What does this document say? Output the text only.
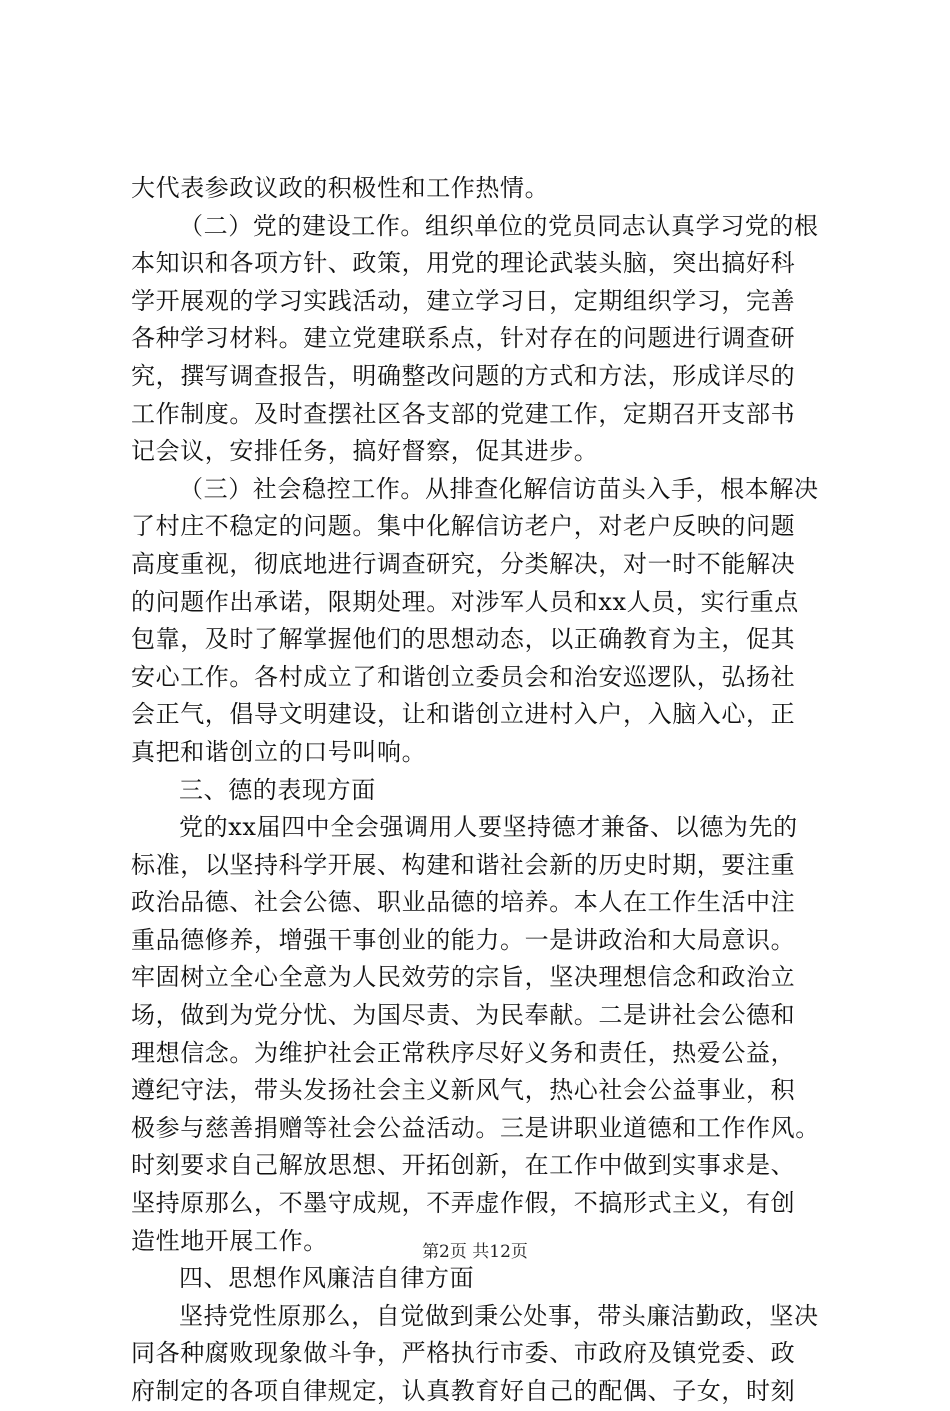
大代表参政议政的积极性和工作热情。
（二）党的建设工作。组织单位的党员同志认真学习党的根
本知识和各项方针、政策，用党的理论武装头脑，突出搞好科
学开展观的学习实践活动，建立学习日，定期组织学习，完善
各种学习材料。建立党建联系点，针对存在的问题进行调查研
究，撰写调查报告，明确整改问题的方式和方法，形成详尽的
工作制度。及时查摆社区各支部的党建工作，定期召开支部书
记会议，安排任务，搞好督察，促其进步。
（三）社会稳控工作。从排查化解信访苗头入手，根本解决
了村庄不稳定的问题。集中化解信访老户，对老户反映的问题
高度重视，彻底地进行调查研究，分类解决，对一时不能解决
的问题作出承诺，限期处理。对涉军人员和xx人员，实行重点
包靠，及时了解掌握他们的思想动态，以正确教育为主，促其
安心工作。各村成立了和谐创立委员会和治安巡逻队，弘扬社
会正气，倡导文明建设，让和谐创立进村入户，入脑入心，正
真把和谐创立的口号叫响。
三、德的表现方面
党的xx届四中全会强调用人要坚持德才兼备、以德为先的
标准，以坚持科学开展、构建和谐社会新的历史时期，要注重
政治品德、社会公德、职业品德的培养。本人在工作生活中注
重品德修养，增强干事创业的能力。一是讲政治和大局意识。
牢固树立全心全意为人民效劳的宗旨，坚决理想信念和政治立
场，做到为党分忧、为国尽责、为民奉献。二是讲社会公德和
理想信念。为维护社会正常秩序尽好义务和责任，热爱公益，
遵纪守法，带头发扬社会主义新风气，热心社会公益事业，积
极参与慈善捐赠等社会公益活动。三是讲职业道德和工作作风。
时刻要求自己解放思想、开拓创新，在工作中做到实事求是、
坚持原那么，不墨守成规，不弄虚作假，不搞形式主义，有创
造性地开展工作。
四、思想作风廉洁自律方面
坚持党性原那么，自觉做到秉公处事，带头廉洁勤政，坚决
同各种腐败现象做斗争，严格执行市委、市政府及镇党委、政
府制定的各项自律规定，认真教育好自己的配偶、子女，时刻
第2页 共12页
